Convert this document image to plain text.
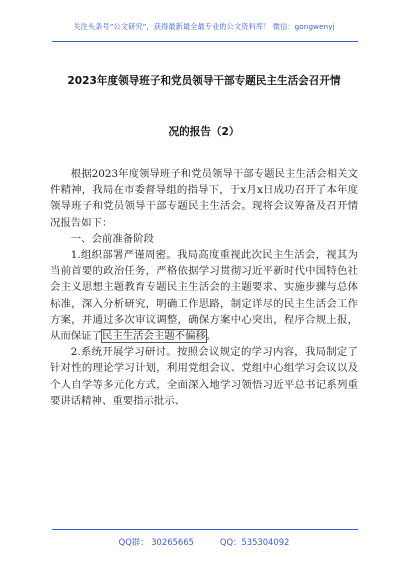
关注头条号“公文研究”，获得最新最全最专业的公文资料库！ 微信：gongwenyj
2023年度领导班子和党员领导干部专题民主生活会召开情
况的报告（2）

根据2023年度领导班子和党员领导干部专题民主生活会相关文件精神，我局在市委督导组的指导下，于x月x日成功召开了本年度领导班子和党员领导干部专题民主生活会。现将会议筹备及召开情况报告如下：

一、会前准备阶段

1.组织部署严谨周密。我局高度重视此次民主生活会，视其为当前首要的政治任务，严格依据学习贯彻习近平新时代中国特色社会主义思想主题教育专题民主生活会的主题要求、实施步骤与总体标准，深入分析研究，明确工作思路，制定详尽的民主生活会工作方案，并通过多次审议调整，确保方案中心突出，程序合规上报，从而保证了民主生活会主题不偏移。

2.系统开展学习研讨。按照会议规定的学习内容，我局制定了针对性的理论学习计划，利用党组会议、党组中心组学习会议以及个人自学等多元化方式，全面深入地学习领悟习近平总书记系列重要讲话精神、重要指示批示、

QQ群： 30265665	QQ：535304092
